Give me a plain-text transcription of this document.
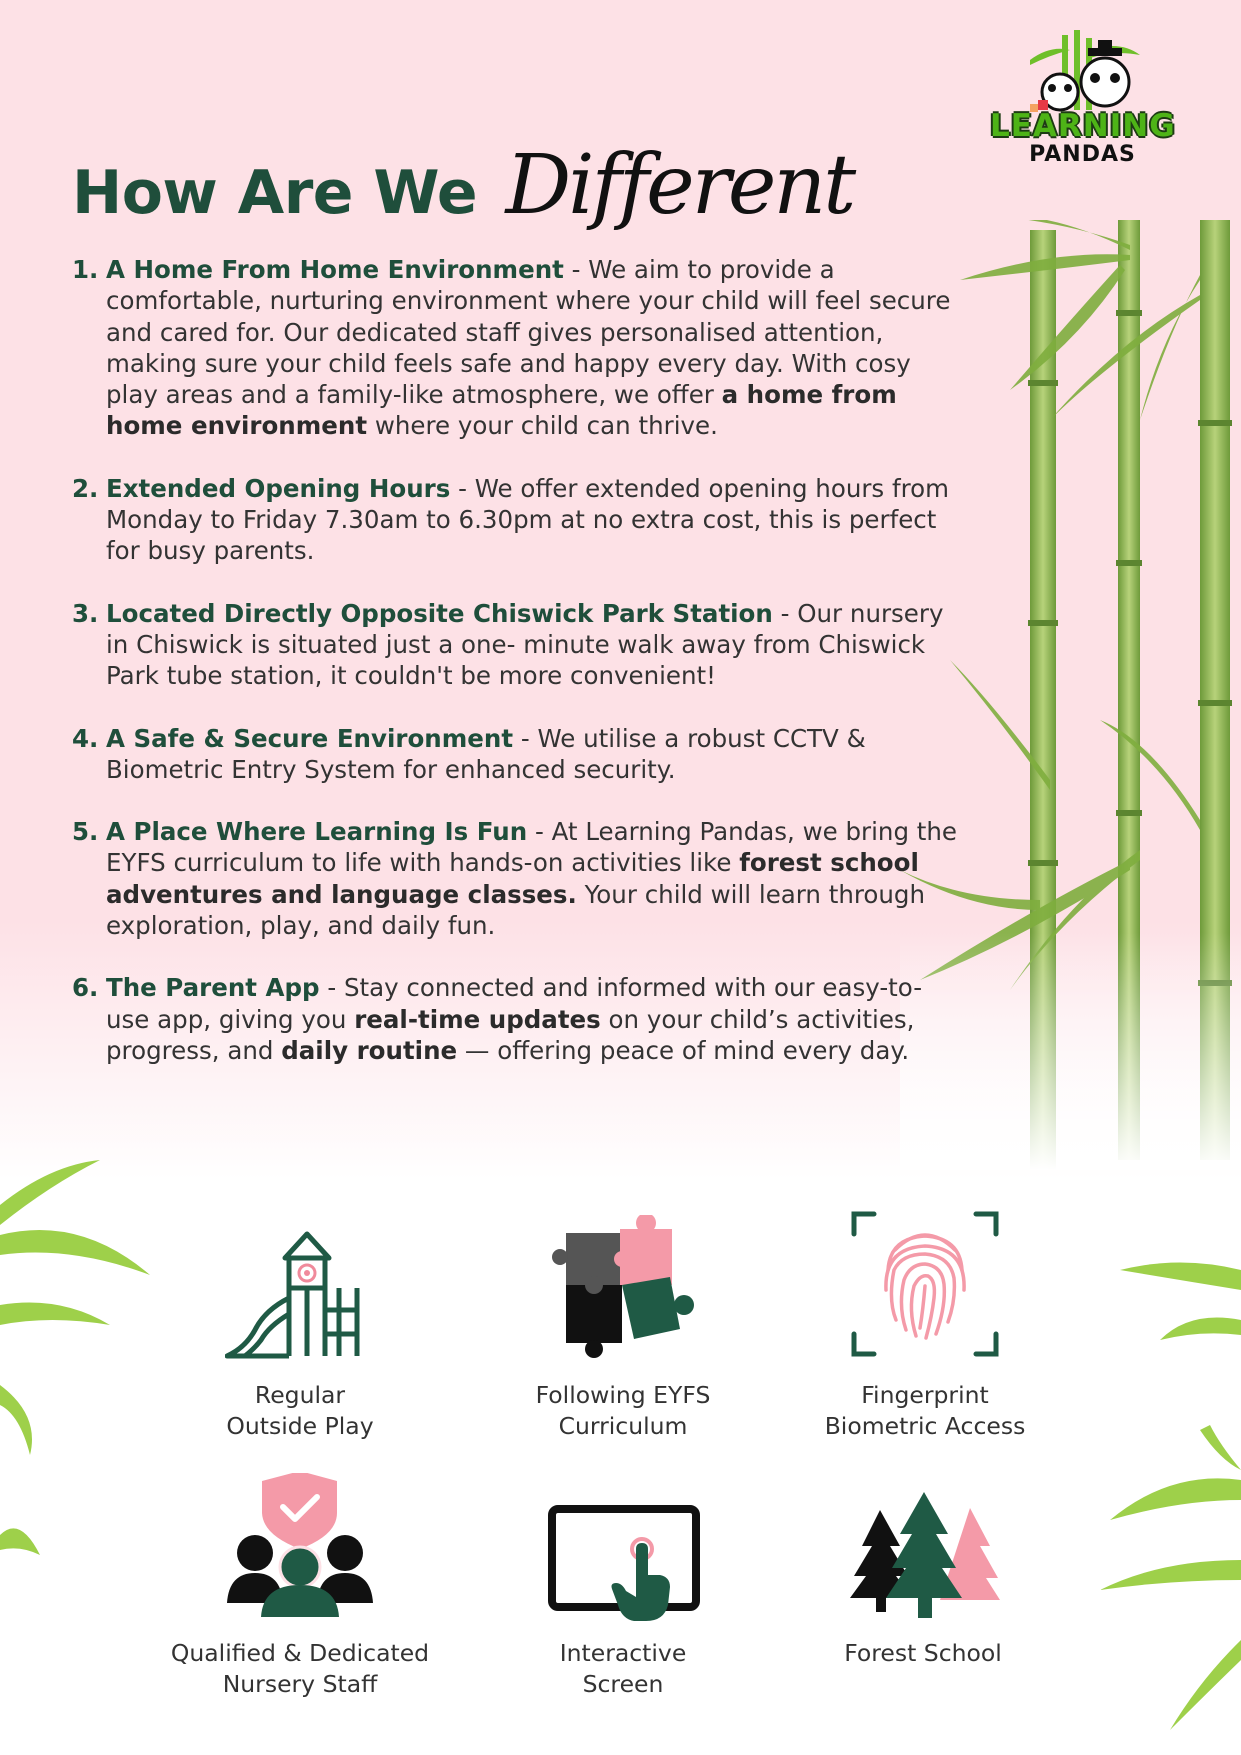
LEARNING
PANDAS
How Are We Different
1. A Home From Home Environment - We aim to provide a comfortable, nurturing environment where your child will feel secure and cared for. Our dedicated staff gives personalised attention, making sure your child feels safe and happy every day. With cosy play areas and a family-like atmosphere, we offer a home from home environment where your child can thrive.
2. Extended Opening Hours - We offer extended opening hours from Monday to Friday 7.30am to 6.30pm at no extra cost, this is perfect for busy parents.
3. Located Directly Opposite Chiswick Park Station - Our nursery in Chiswick is situated just a one- minute walk away from Chiswick Park tube station, it couldn't be more convenient!
4. A Safe & Secure Environment - We utilise a robust CCTV & Biometric Entry System for enhanced security.
5. A Place Where Learning Is Fun - At Learning Pandas, we bring the EYFS curriculum to life with hands-on activities like forest school adventures and language classes. Your child will learn through exploration, play, and daily fun.
6. The Parent App - Stay connected and informed with our easy-to-use app, giving you real-time updates on your child’s activities, progress, and daily routine — offering peace of mind every day.
Regular
Outside Play
Following EYFS
Curriculum
Fingerprint
Biometric Access
Qualified & Dedicated
Nursery Staff
Interactive
Screen
Forest School
